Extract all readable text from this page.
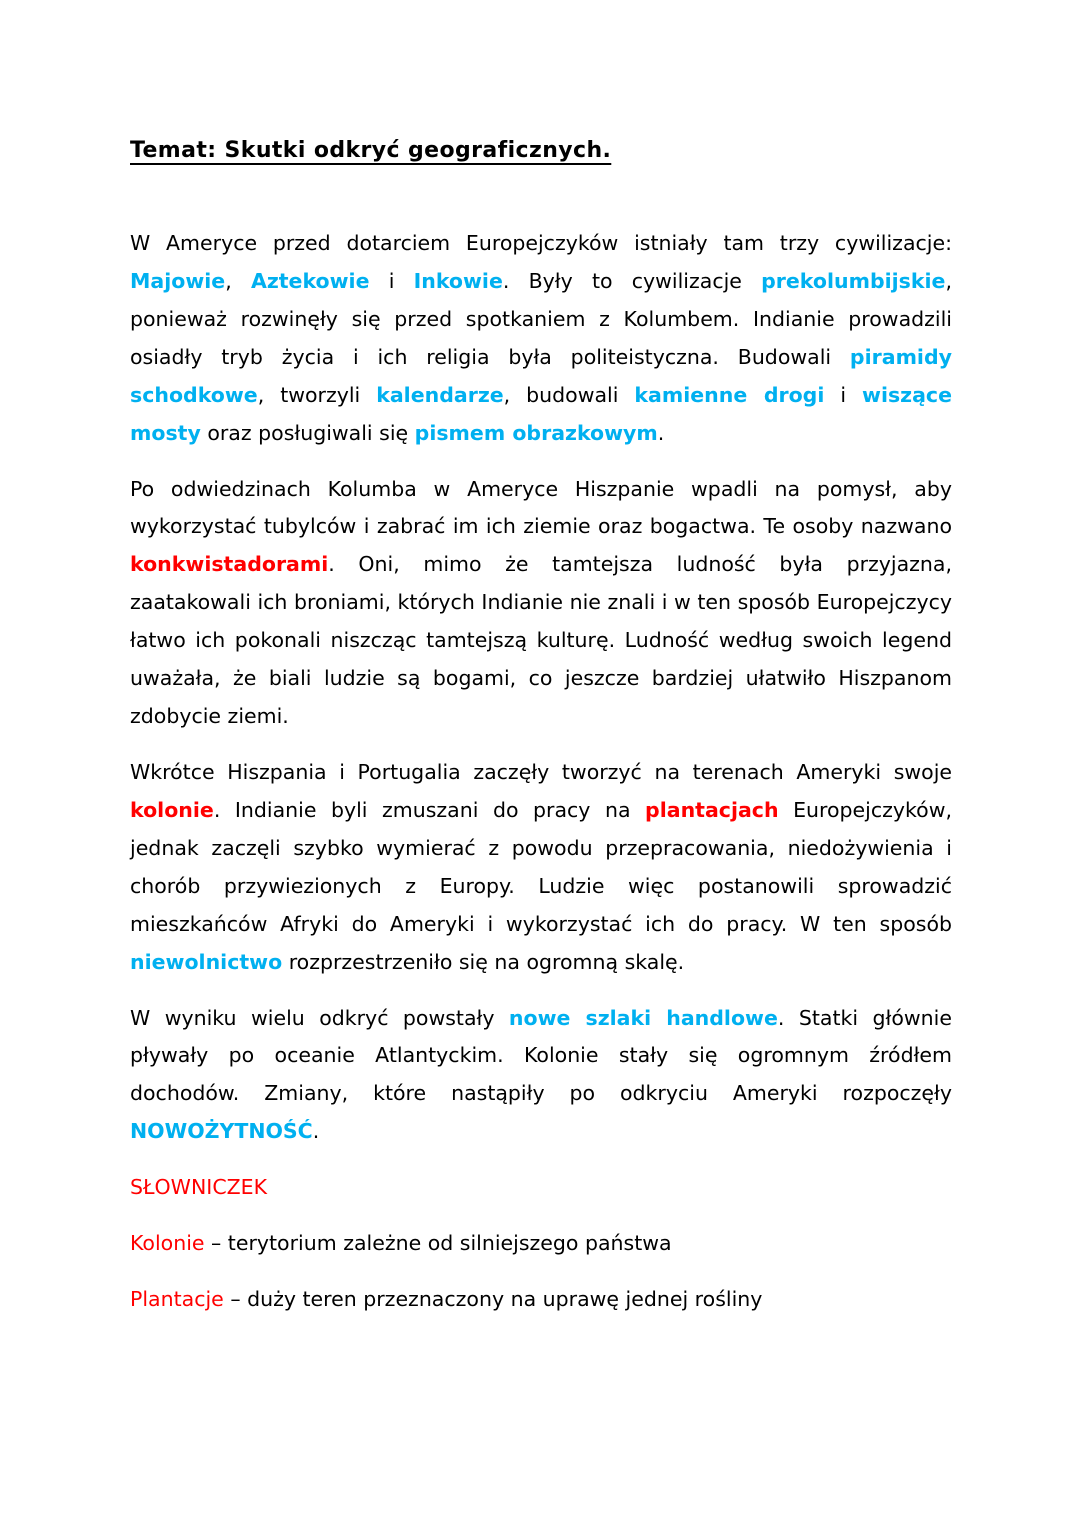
Temat: Skutki odkryć geograficznych.

W Ameryce przed dotarciem Europejczyków istniały tam trzy cywilizacje: Majowie, Aztekowie i Inkowie. Były to cywilizacje prekolumbijskie, ponieważ rozwinęły się przed spotkaniem z Kolumbem. Indianie prowadzili osiadły tryb życia i ich religia była politeistyczna. Budowali piramidy schodkowe, tworzyli kalendarze, budowali kamienne drogi i wiszące mosty oraz posługiwali się pismem obrazkowym.

Po odwiedzinach Kolumba w Ameryce Hiszpanie wpadli na pomysł, aby wykorzystać tubylców i zabrać im ich ziemie oraz bogactwa. Te osoby nazwano konkwistadorami. Oni, mimo że tamtejsza ludność była przyjazna, zaatakowali ich broniami, których Indianie nie znali i w ten sposób Europejczycy łatwo ich pokonali niszcząc tamtejszą kulturę. Ludność według swoich legend uważała, że biali ludzie są bogami, co jeszcze bardziej ułatwiło Hiszpanom zdobycie ziemi.

Wkrótce Hiszpania i Portugalia zaczęły tworzyć na terenach Ameryki swoje kolonie. Indianie byli zmuszani do pracy na plantacjach Europejczyków, jednak zaczęli szybko wymierać z powodu przepracowania, niedożywienia i chorób przywiezionych z Europy. Ludzie więc postanowili sprowadzić mieszkańców Afryki do Ameryki i wykorzystać ich do pracy. W ten sposób niewolnictwo rozprzestrzeniło się na ogromną skalę.

W wyniku wielu odkryć powstały nowe szlaki handlowe. Statki głównie pływały po oceanie Atlantyckim. Kolonie stały się ogromnym źródłem dochodów. Zmiany, które nastąpiły po odkryciu Ameryki rozpoczęły NOWOŻYTNOŚĆ.

SŁOWNICZEK

Kolonie – terytorium zależne od silniejszego państwa

Plantacje – duży teren przeznaczony na uprawę jednej rośliny
